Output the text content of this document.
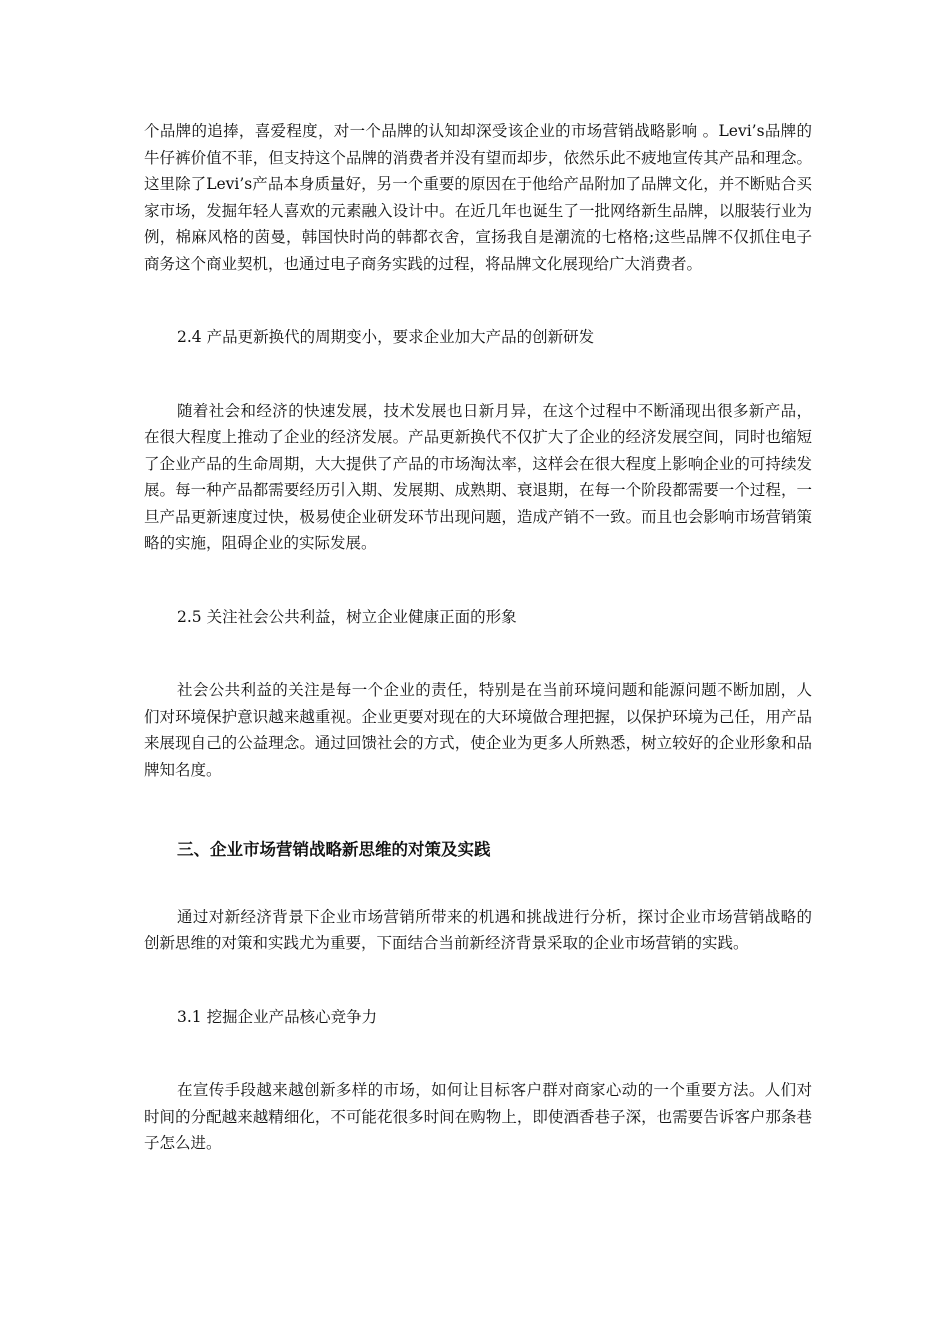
个品牌的追捧，喜爱程度，对一个品牌的认知却深受该企业的市场营销战略影响 。Levi’s品牌的牛仔裤价值不菲，但支持这个品牌的消费者并没有望而却步，依然乐此不疲地宣传其产品和理念。这里除了Levi’s产品本身质量好，另一个重要的原因在于他给产品附加了品牌文化，并不断贴合买家市场，发掘年轻人喜欢的元素融入设计中。在近几年也诞生了一批网络新生品牌，以服装行业为例，棉麻风格的茵曼，韩国快时尚的韩都衣舍，宣扬我自是潮流的七格格;这些品牌不仅抓住电子商务这个商业契机，也通过电子商务实践的过程，将品牌文化展现给广大消费者。

2.4 产品更新换代的周期变小，要求企业加大产品的创新研发

随着社会和经济的快速发展，技术发展也日新月异，在这个过程中不断涌现出很多新产品，在很大程度上推动了企业的经济发展。产品更新换代不仅扩大了企业的经济发展空间，同时也缩短了企业产品的生命周期，大大提供了产品的市场淘汰率，这样会在很大程度上影响企业的可持续发展。每一种产品都需要经历引入期、发展期、成熟期、衰退期，在每一个阶段都需要一个过程，一旦产品更新速度过快，极易使企业研发环节出现问题，造成产销不一致。而且也会影响市场营销策略的实施，阻碍企业的实际发展。

2.5 关注社会公共利益，树立企业健康正面的形象

社会公共利益的关注是每一个企业的责任，特别是在当前环境问题和能源问题不断加剧，人们对环境保护意识越来越重视。企业更要对现在的大环境做合理把握，以保护环境为己任，用产品来展现自己的公益理念。通过回馈社会的方式，使企业为更多人所熟悉，树立较好的企业形象和品牌知名度。

三、企业市场营销战略新思维的对策及实践

通过对新经济背景下企业市场营销所带来的机遇和挑战进行分析，探讨企业市场营销战略的创新思维的对策和实践尤为重要，下面结合当前新经济背景采取的企业市场营销的实践。

3.1 挖掘企业产品核心竞争力

在宣传手段越来越创新多样的市场，如何让目标客户群对商家心动的一个重要方法。人们对时间的分配越来越精细化，不可能花很多时间在购物上，即使酒香巷子深，也需要告诉客户那条巷子怎么进。
